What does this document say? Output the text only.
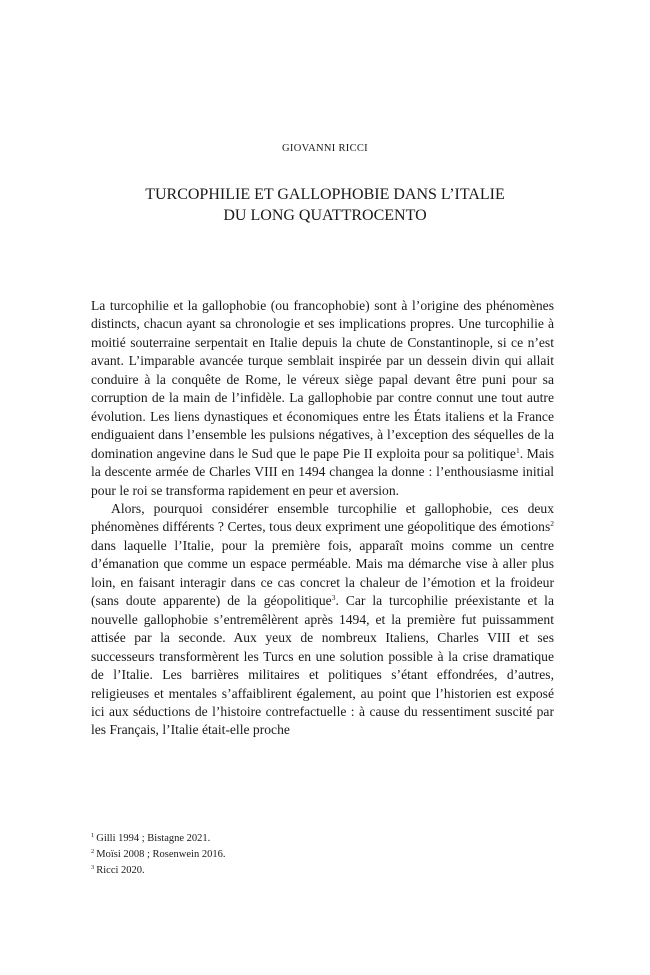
GIOVANNI RICCI
TURCOPHILIE ET GALLOPHOBIE DANS L’ITALIE
DU LONG QUATTROCENTO

La turcophilie et la gallophobie (ou francophobie) sont à l’origine des phénomènes distincts, chacun ayant sa chronologie et ses implications propres. Une turcophilie à moitié souterraine serpentait en Italie depuis la chute de Constantinople, si ce n’est avant. L’imparable avancée turque semblait inspirée par un dessein divin qui allait conduire à la conquête de Rome, le véreux siège papal devant être puni pour sa corruption de la main de l’infidèle. La gallophobie par contre connut une tout autre évolution. Les liens dynastiques et économiques entre les États italiens et la France endiguaient dans l’ensemble les pulsions négatives, à l’exception des séquelles de la domination angevine dans le Sud que le pape Pie II exploita pour sa politique$^1$. Mais la descente armée de Charles VIII en 1494 changea la donne : l’enthousiasme initial pour le roi se transforma rapidement en peur et aversion.

Alors, pourquoi considérer ensemble turcophilie et gallophobie, ces deux phénomènes différents ? Certes, tous deux expriment une géopolitique des émotions$^2$ dans laquelle l’Italie, pour la première fois, apparaît moins comme un centre d’émanation que comme un espace perméable. Mais ma démarche vise à aller plus loin, en faisant interagir dans ce cas concret la chaleur de l’émotion et la froideur (sans doute apparente) de la géopolitique$^3$. Car la turcophilie préexistante et la nouvelle gallophobie s’entremêlèrent après 1494, et la première fut puissamment attisée par la seconde. Aux yeux de nombreux Italiens, Charles VIII et ses successeurs transformèrent les Turcs en une solution possible à la crise dramatique de l’Italie. Les barrières militaires et politiques s’étant effondrées, d’autres, religieuses et mentales s’affaiblirent également, au point que l’historien est exposé ici aux séductions de l’histoire contrefactuelle : à cause du ressentiment suscité par les Français, l’Italie était-elle proche

$^1$ Gilli 1994 ; Bistagne 2021.
$^2$ Moïsi 2008 ; Rosenwein 2016.
$^3$ Ricci 2020.
